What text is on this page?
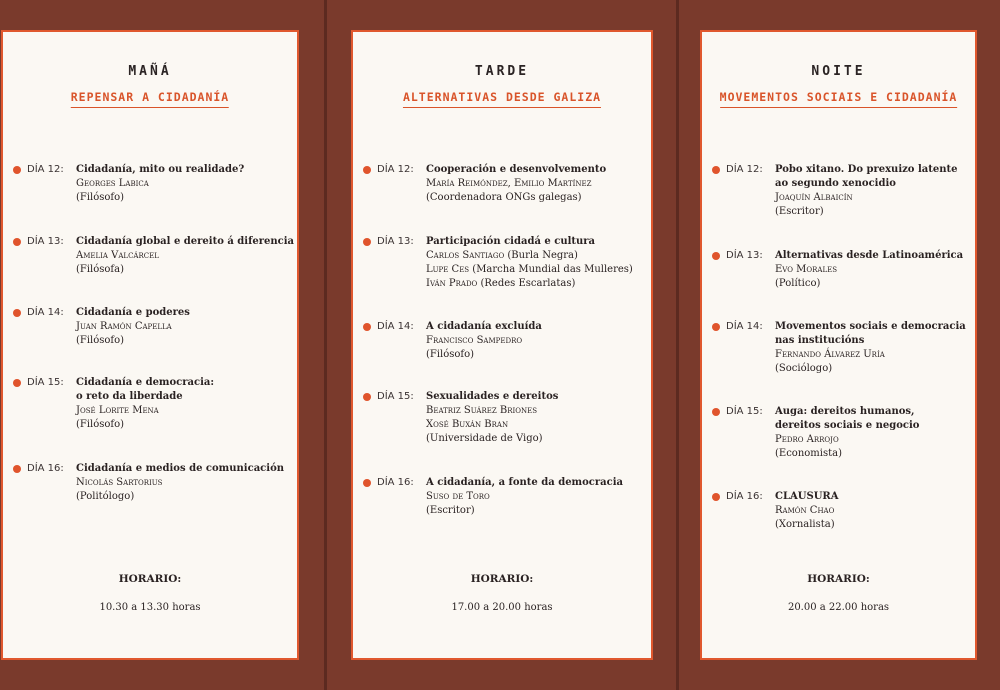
MAÑÁ
REPENSAR A CIDADANÍA
DÍA 12: Cidadanía, mito ou realidade?
Georges Labica
(Filósofo)
DÍA 13: Cidadanía global e dereito á diferencia
Amelia Valcárcel
(Filósofa)
DÍA 14: Cidadanía e poderes
Juan Ramón Capella
(Filósofo)
DÍA 15: Cidadanía e democracia:
o reto da liberdade
José Lorite Mena
(Filósofo)
DÍA 16: Cidadanía e medios de comunicación
Nicolás Sartorius
(Politólogo)
HORARIO:
10.30 a 13.30 horas
TARDE
ALTERNATIVAS DESDE GALIZA
DÍA 12: Cooperación e desenvolvemento
María Reimóndez, Emilio Martínez
(Coordenadora ONGs galegas)
DÍA 13: Participación cidadá e cultura
Carlos Santiago (Burla Negra)
Lupe Ces (Marcha Mundial das Mulleres)
Iván Prado (Redes Escarlatas)
DÍA 14: A cidadanía excluída
Francisco Sampedro
(Filósofo)
DÍA 15: Sexualidades e dereitos
Beatriz Suárez Briones
Xosé Buxán Bran
(Universidade de Vigo)
DÍA 16: A cidadanía, a fonte da democracia
Suso de Toro
(Escritor)
HORARIO:
17.00 a 20.00 horas
NOITE
MOVEMENTOS SOCIAIS E CIDADANÍA
DÍA 12: Pobo xitano. Do prexuizo latente
ao segundo xenocidio
Joaquín Albaicín
(Escritor)
DÍA 13: Alternativas desde Latinoamérica
Evo Morales
(Político)
DÍA 14: Movementos sociais e democracia
nas institucións
Fernando Álvarez Uría
(Sociólogo)
DÍA 15: Auga: dereitos humanos,
dereitos sociais e negocio
Pedro Arrojo
(Economista)
DÍA 16: CLAUSURA
Ramón Chao
(Xornalista)
HORARIO:
20.00 a 22.00 horas
